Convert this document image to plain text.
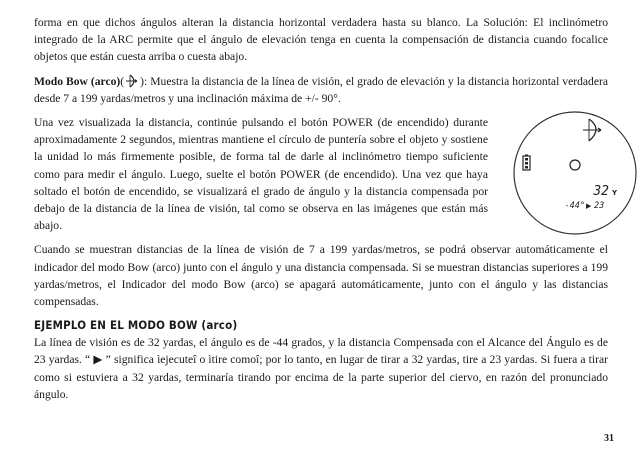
forma en que dichos ángulos alteran la distancia horizontal verdadera hasta su blanco. La Solución: El inclinómetro integrado de la ARC permite que el ángulo de elevación tenga en cuenta la compensación de distancia cuando focalice objetos que están cuesta arriba o cuesta abajo.

Modo Bow (arco)( ): Muestra la distancia de la línea de visión, el grado de elevación y la distancia horizontal verdadera desde 7 a 199 yardas/metros y una inclinación máxima de +/- 90°.

Una vez visualizada la distancia, continúe pulsando el botón POWER (de encendido) durante aproximadamente 2 segundos, mientras mantiene el círculo de puntería sobre el objeto y sostiene la unidad lo más firmemente posible, de forma tal de darle al inclinómetro tiempo suficiente como para medir el ángulo. Luego, suelte el botón POWER (de encendido). Una vez que haya soltado el botón de encendido, se visualizará el grado de ángulo y la distancia compensada por debajo de la distancia de la línea de visión, tal como se observa en las imágenes que están más abajo.

32 Y
-44° ▶ 23

Cuando se muestran distancias de la línea de visión de 7 a 199 yardas/metros, se podrá observar automáticamente el indicador del modo Bow (arco) junto con el ángulo y una distancia compensada. Si se muestran distancias superiores a 199 yardas/metros, el Indicador del modo Bow (arco) se apagará automáticamente, junto con el ángulo y las distancias compensadas.

EJEMPLO EN EL MODO BOW (arco)

La línea de visión es de 32 yardas, el ángulo es de -44 grados, y la distancia Compensada con el Alcance del Ángulo es de 23 yardas. “ ▶ ” significa ìejecuteî o ìtire comoî; por lo tanto, en lugar de tirar a 32 yardas, tire a 23 yardas. Si fuera a tirar como si estuviera a 32 yardas, terminaría tirando por encima de la parte superior del ciervo, en razón del pronunciado ángulo.

31
